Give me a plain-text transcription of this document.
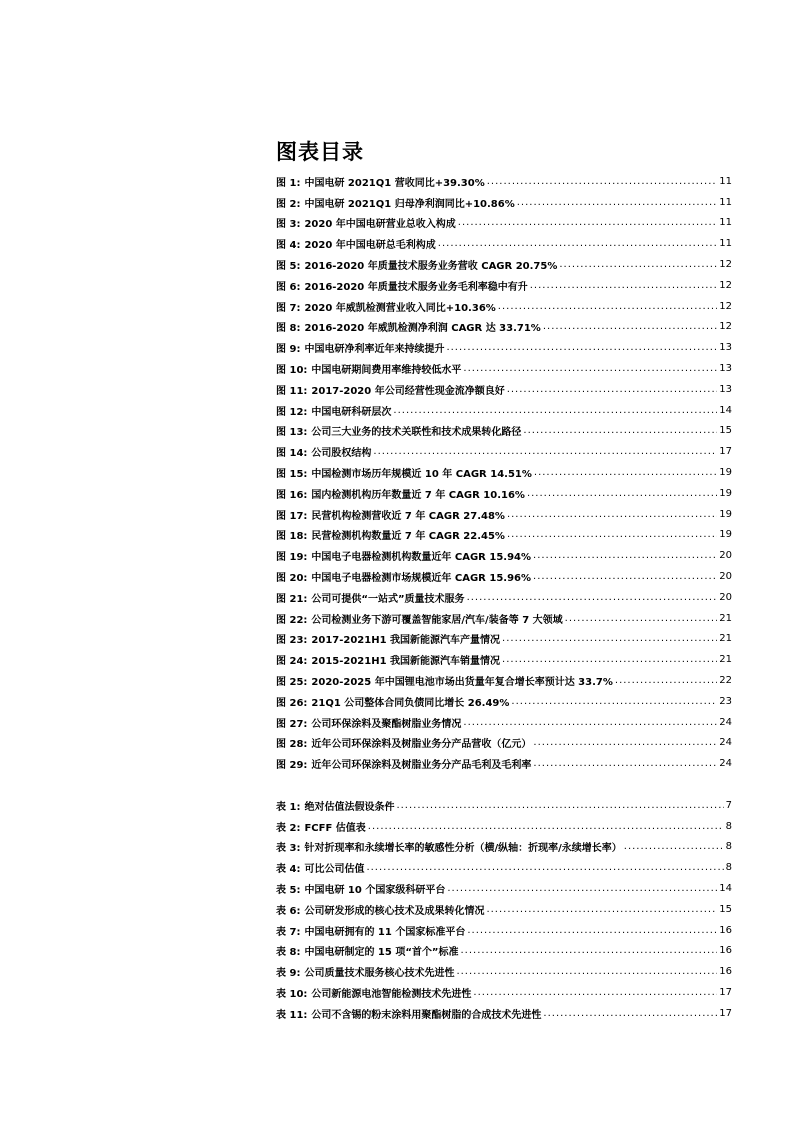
图表目录
图 1: 中国电研 2021Q1 营收同比+39.30% .....	11
图 2: 中国电研 2021Q1 归母净利润同比+10.86% .....	11
图 3: 2020 年中国电研营业总收入构成 .....	11
图 4: 2020 年中国电研总毛利构成 .....	11
图 5: 2016-2020 年质量技术服务业务营收 CAGR 20.75% .....	12
图 6: 2016-2020 年质量技术服务业务毛利率稳中有升 .....	12
图 7: 2020 年威凯检测营业收入同比+10.36% .....	12
图 8: 2016-2020 年威凯检测净利润 CAGR 达 33.71% .....	12
图 9: 中国电研净利率近年来持续提升 .....	13
图 10: 中国电研期间费用率维持较低水平 .....	13
图 11: 2017-2020 年公司经营性现金流净额良好 .....	13
图 12: 中国电研科研层次 .....	14
图 13: 公司三大业务的技术关联性和技术成果转化路径 .....	15
图 14: 公司股权结构 .....	17
图 15: 中国检测市场历年规模近 10 年 CAGR 14.51% .....	19
图 16: 国内检测机构历年数量近 7 年 CAGR 10.16% .....	19
图 17: 民营机构检测营收近 7 年 CAGR 27.48% .....	19
图 18: 民营检测机构数量近 7 年 CAGR 22.45% .....	19
图 19: 中国电子电器检测机构数量近年 CAGR 15.94% .....	20
图 20: 中国电子电器检测市场规模近年 CAGR 15.96% .....	20
图 21: 公司可提供“一站式”质量技术服务 .....	20
图 22: 公司检测业务下游可覆盖智能家居/汽车/装备等 7 大领域 .....	21
图 23: 2017-2021H1 我国新能源汽车产量情况 .....	21
图 24: 2015-2021H1 我国新能源汽车销量情况 .....	21
图 25: 2020-2025 年中国锂电池市场出货量年复合增长率预计达 33.7% .....	22
图 26: 21Q1 公司整体合同负债同比增长 26.49% .....	23
图 27: 公司环保涂料及聚酯树脂业务情况 .....	24
图 28: 近年公司环保涂料及树脂业务分产品营收（亿元） .....	24
图 29: 近年公司环保涂料及树脂业务分产品毛利及毛利率 .....	24
表 1: 绝对估值法假设条件 .....	7
表 2: FCFF 估值表 .....	8
表 3: 针对折现率和永续增长率的敏感性分析（横/纵轴：折现率/永续增长率） .....	8
表 4: 可比公司估值 .....	8
表 5: 中国电研 10 个国家级科研平台 .....	14
表 6: 公司研发形成的核心技术及成果转化情况 .....	15
表 7: 中国电研拥有的 11 个国家标准平台 .....	16
表 8: 中国电研制定的 15 项“首个”标准 .....	16
表 9: 公司质量技术服务核心技术先进性 .....	16
表 10: 公司新能源电池智能检测技术先进性 .....	17
表 11: 公司不含锡的粉末涂料用聚酯树脂的合成技术先进性 .....	17
